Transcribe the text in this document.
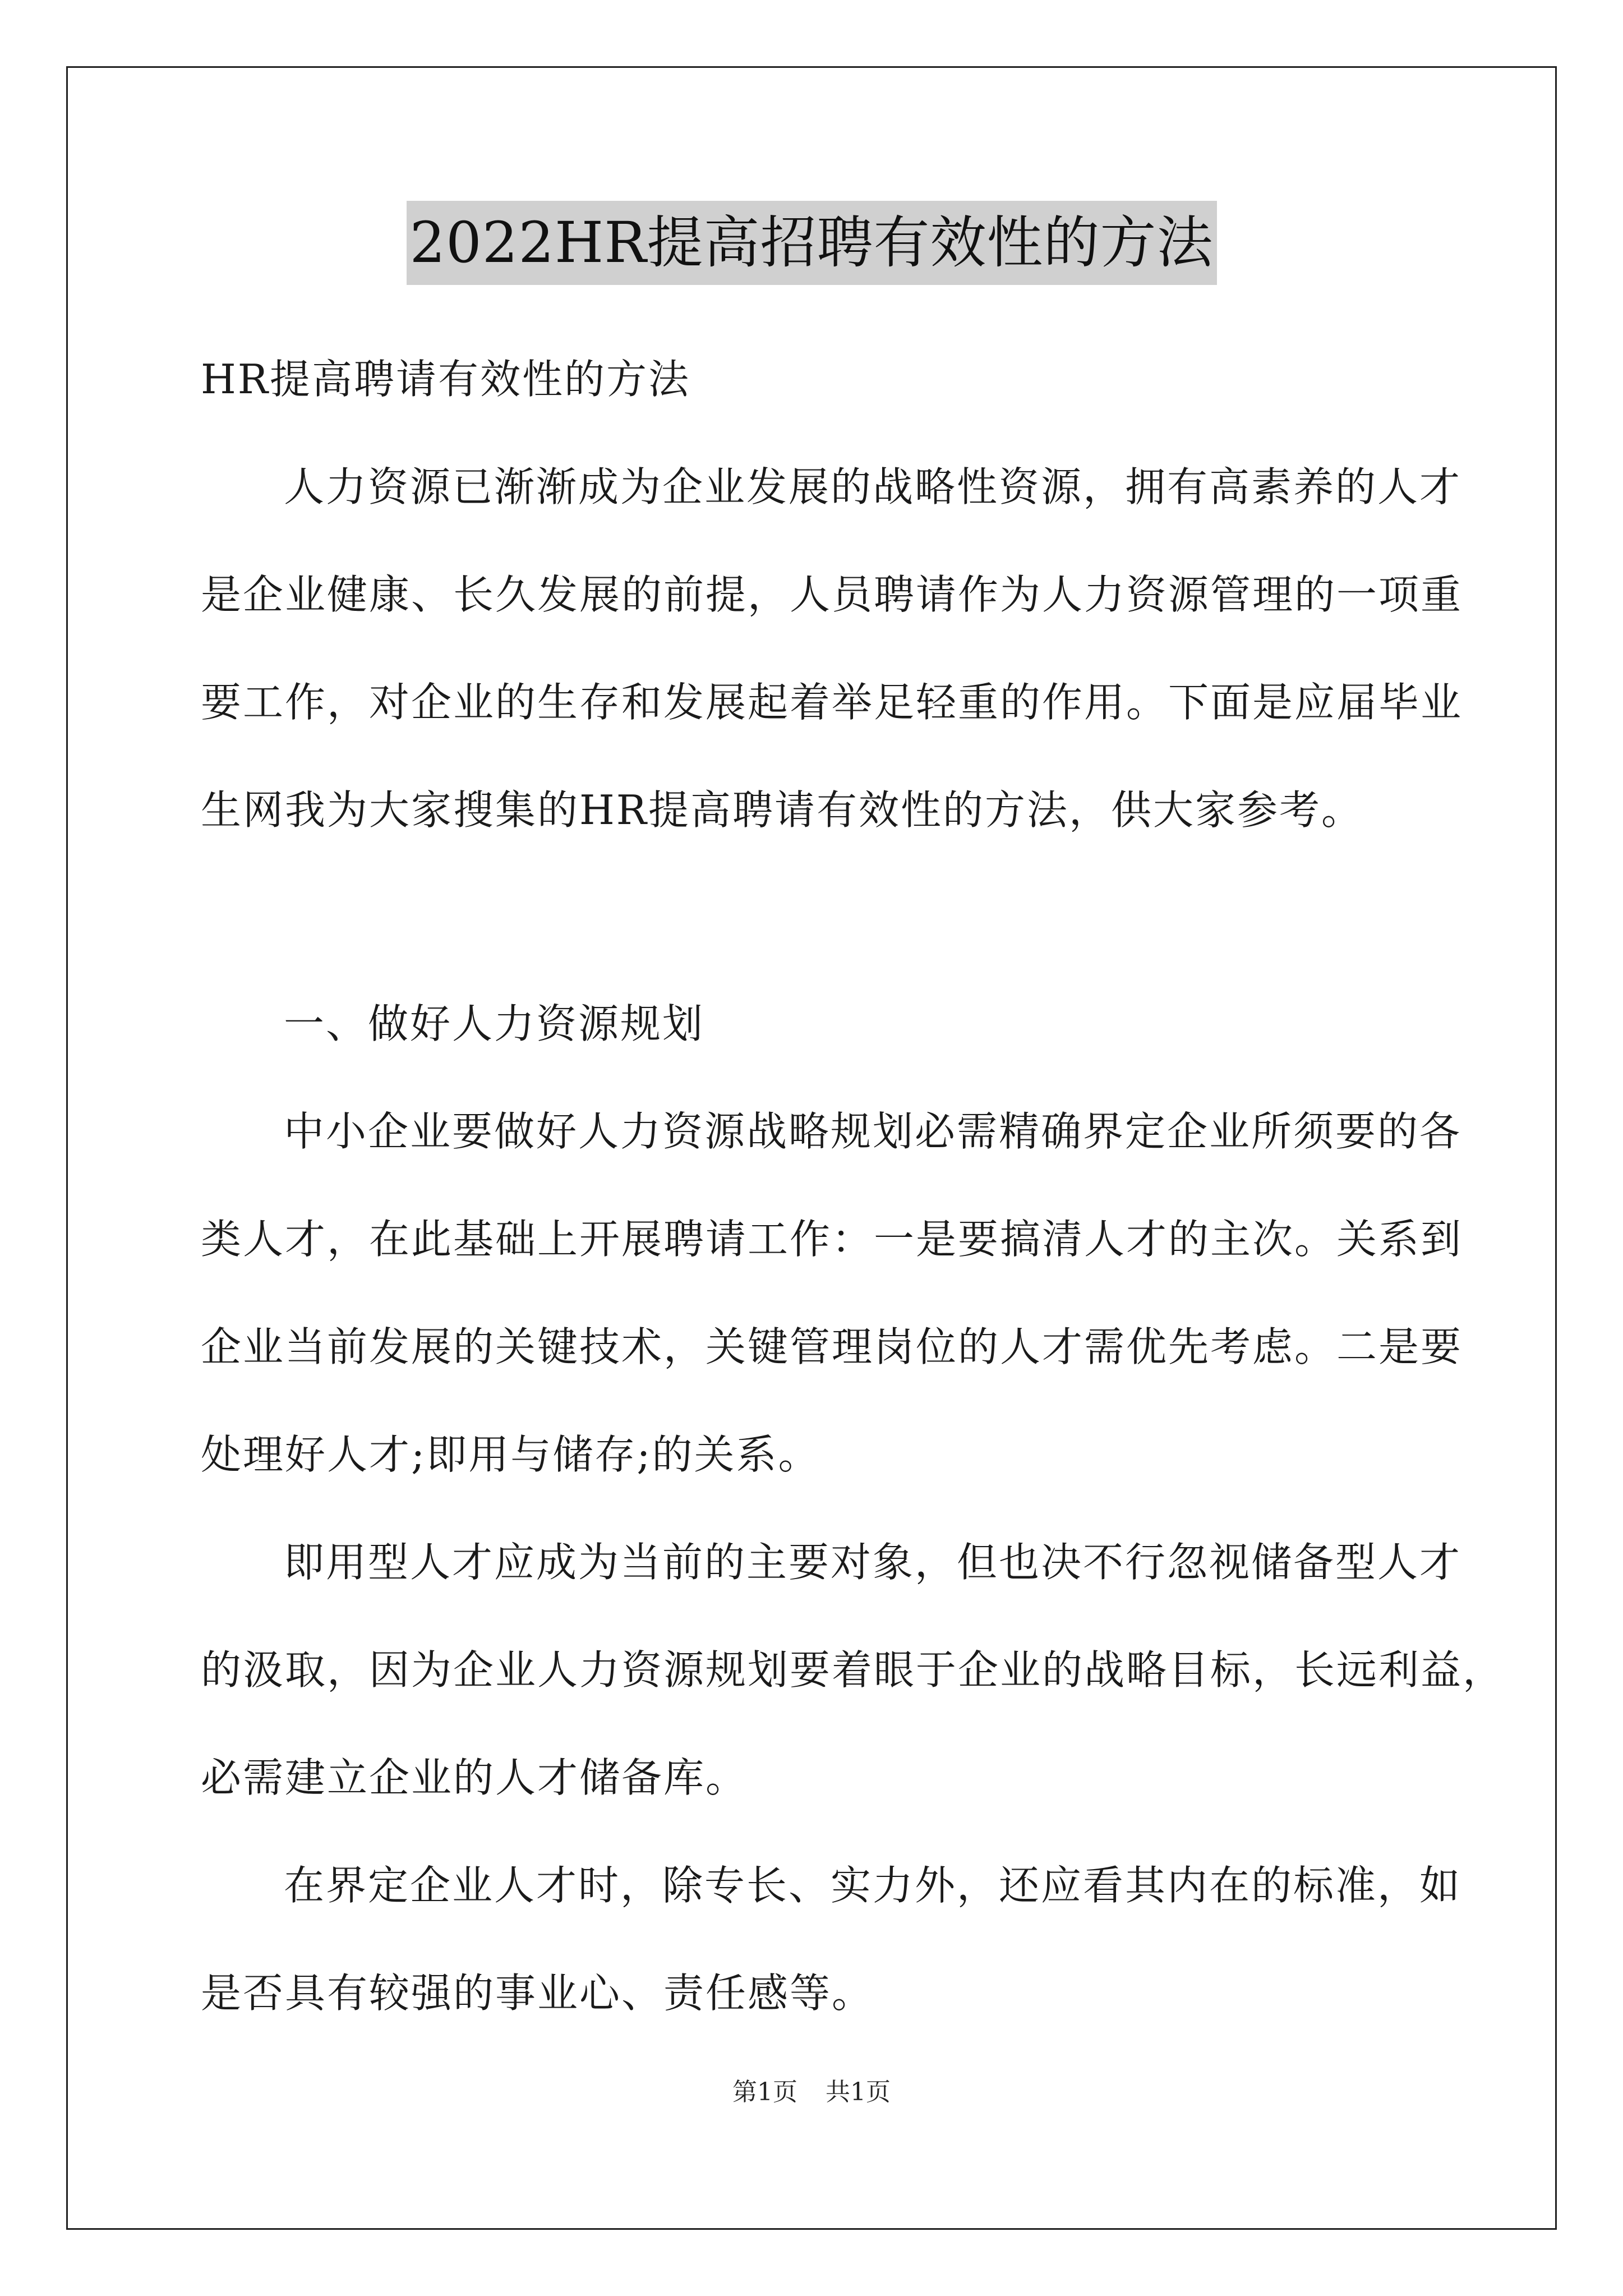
2022HR提高招聘有效性的方法
HR提高聘请有效性的方法
人力资源已渐渐成为企业发展的战略性资源，拥有高素养的人才
是企业健康、长久发展的前提，人员聘请作为人力资源管理的一项重
要工作，对企业的生存和发展起着举足轻重的作用。下面是应届毕业
生网我为大家搜集的HR提高聘请有效性的方法，供大家参考。
一、做好人力资源规划
中小企业要做好人力资源战略规划必需精确界定企业所须要的各
类人才，在此基础上开展聘请工作：一是要搞清人才的主次。关系到
企业当前发展的关键技术，关键管理岗位的人才需优先考虑。二是要
处理好人才;即用与储存;的关系。
即用型人才应成为当前的主要对象，但也决不行忽视储备型人才
的汲取，因为企业人力资源规划要着眼于企业的战略目标，长远利益，
必需建立企业的人才储备库。
在界定企业人才时，除专长、实力外，还应看其内在的标准，如
是否具有较强的事业心、责任感等。
第1页 共1页
